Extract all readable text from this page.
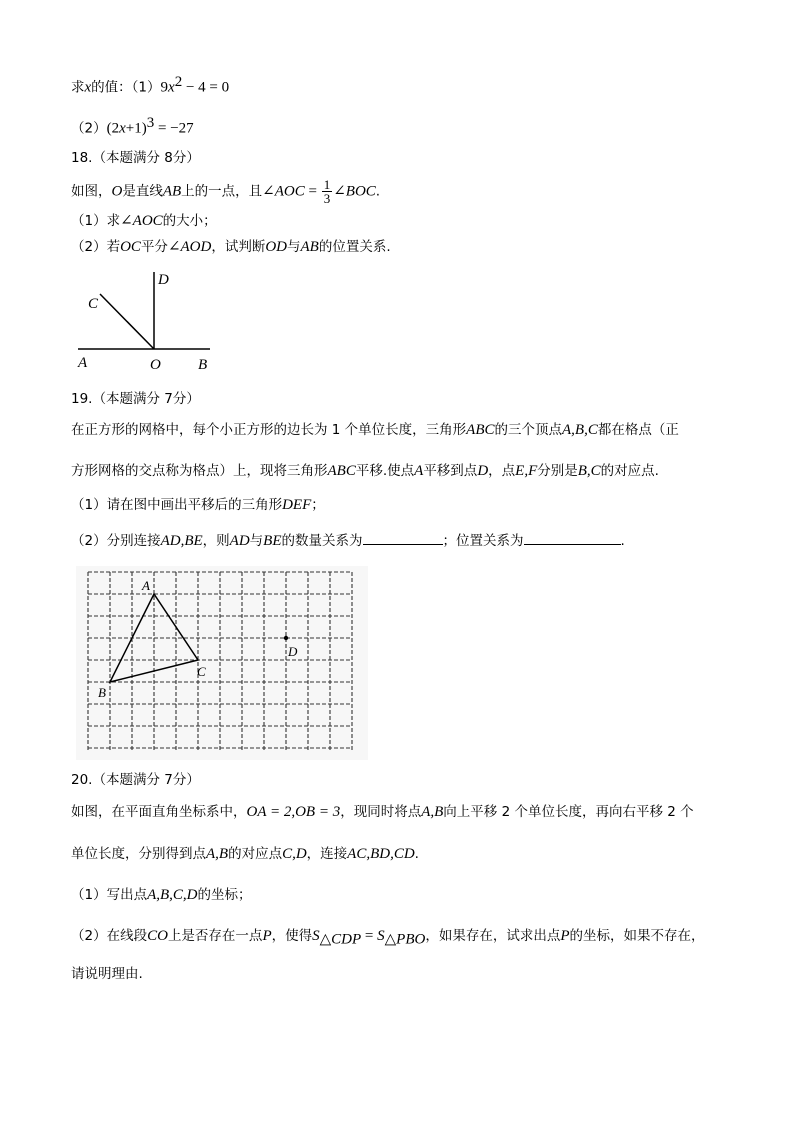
求x的值：$(1)9x^2 - 4 = 0$
$(2)(2x+1)^3 = -27$
18.（本题满分 8分）
如图，O是直线AB上的一点，且∠AOC = $\frac{1}{3}$ ∠BOC.
（1）求∠AOC的大小；
（2）若OC平分∠AOD，试判断OD与AB的位置关系.
A	O B
C
D
19.（本题满分 7分）
在正方形的网格中，每个小正方形的边长为 1 个单位长度，三角形ABC的三个顶点A,B,C都在格点（正
方形网格的交点称为格点）上，现将三角形ABC平移.使点A平移到点D，点E,F分别是B,C的对应点.
（1）请在图中画出平移后的三角形DEF；
（2）分别连接AD,BE，则AD与BE的数量关系为	；位置关系为	.
A
B
C
D
20.（本题满分 7分）
如图，在平面直角坐标系中，OA = 2,OB = 3，现同时将点A,B向上平移 2 个单位长度，再向右平移 2 个
单位长度，分别得到点A,B的对应点C,D，连接AC,BD,CD.
（1）写出点A,B,C,D的坐标；
（2）在线段CO上是否存在一点P，使得$S_{\triangle CDP} = S_{\triangle PBO}$，如果存在，试求出点P的坐标，如果不存在，
请说明理由.
